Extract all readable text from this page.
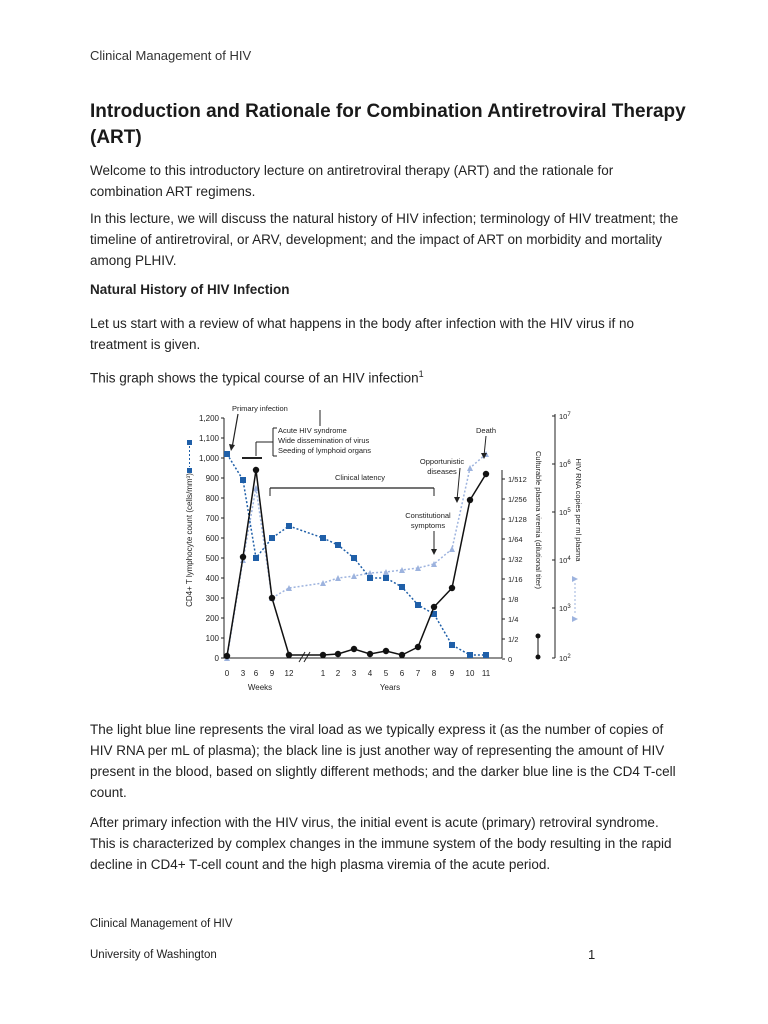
Clinical Management of HIV
Introduction and Rationale for Combination Antiretroviral Therapy (ART)
Welcome to this introductory lecture on antiretroviral therapy (ART) and the rationale for combination ART regimens.
In this lecture, we will discuss the natural history of HIV infection; terminology of HIV treatment; the timeline of antiretroviral, or ARV, development; and the impact of ART on morbidity and mortality among PLHIV.
Natural History of HIV Infection
Let us start with a review of what happens in the body after infection with the HIV virus if no treatment is given.
This graph shows the typical course of an HIV infection$^1$
1,200
1,100
1,000
900
800
700
600
500
400
300
200
100
0
CD4+ T lymphocyte count (cells/mm³)
0 3 6 9 12	1 2 3 4 5 6 7 8 9 10 11
Weeks	Years
1/512
1/256
1/128
1/64
1/32
1/16
1/8
1/4
1/2
0
Culturable plasma viremia (dilutional titer)
$10^7$
$10^6$
$10^5$
$10^4$
$10^3$
$10^2$
HIV RNA copies per ml plasma
Primary infection
Acute HIV syndrome
Wide dissemination of virus
Seeding of lymphoid organs
Clinical latency
Constitutional
symptoms
Opportunistic
diseases
Death
The light blue line represents the viral load as we typically express it (as the number of copies of HIV RNA per mL of plasma); the black line is just another way of representing the amount of HIV present in the blood, based on slightly different methods; and the darker blue line is the CD4 T-cell count.
After primary infection with the HIV virus, the initial event is acute (primary) retroviral syndrome. This is characterized by complex changes in the immune system of the body resulting in the rapid decline in CD4+ T-cell count and the high plasma viremia of the acute period.
Clinical Management of HIV
University of Washington	1
